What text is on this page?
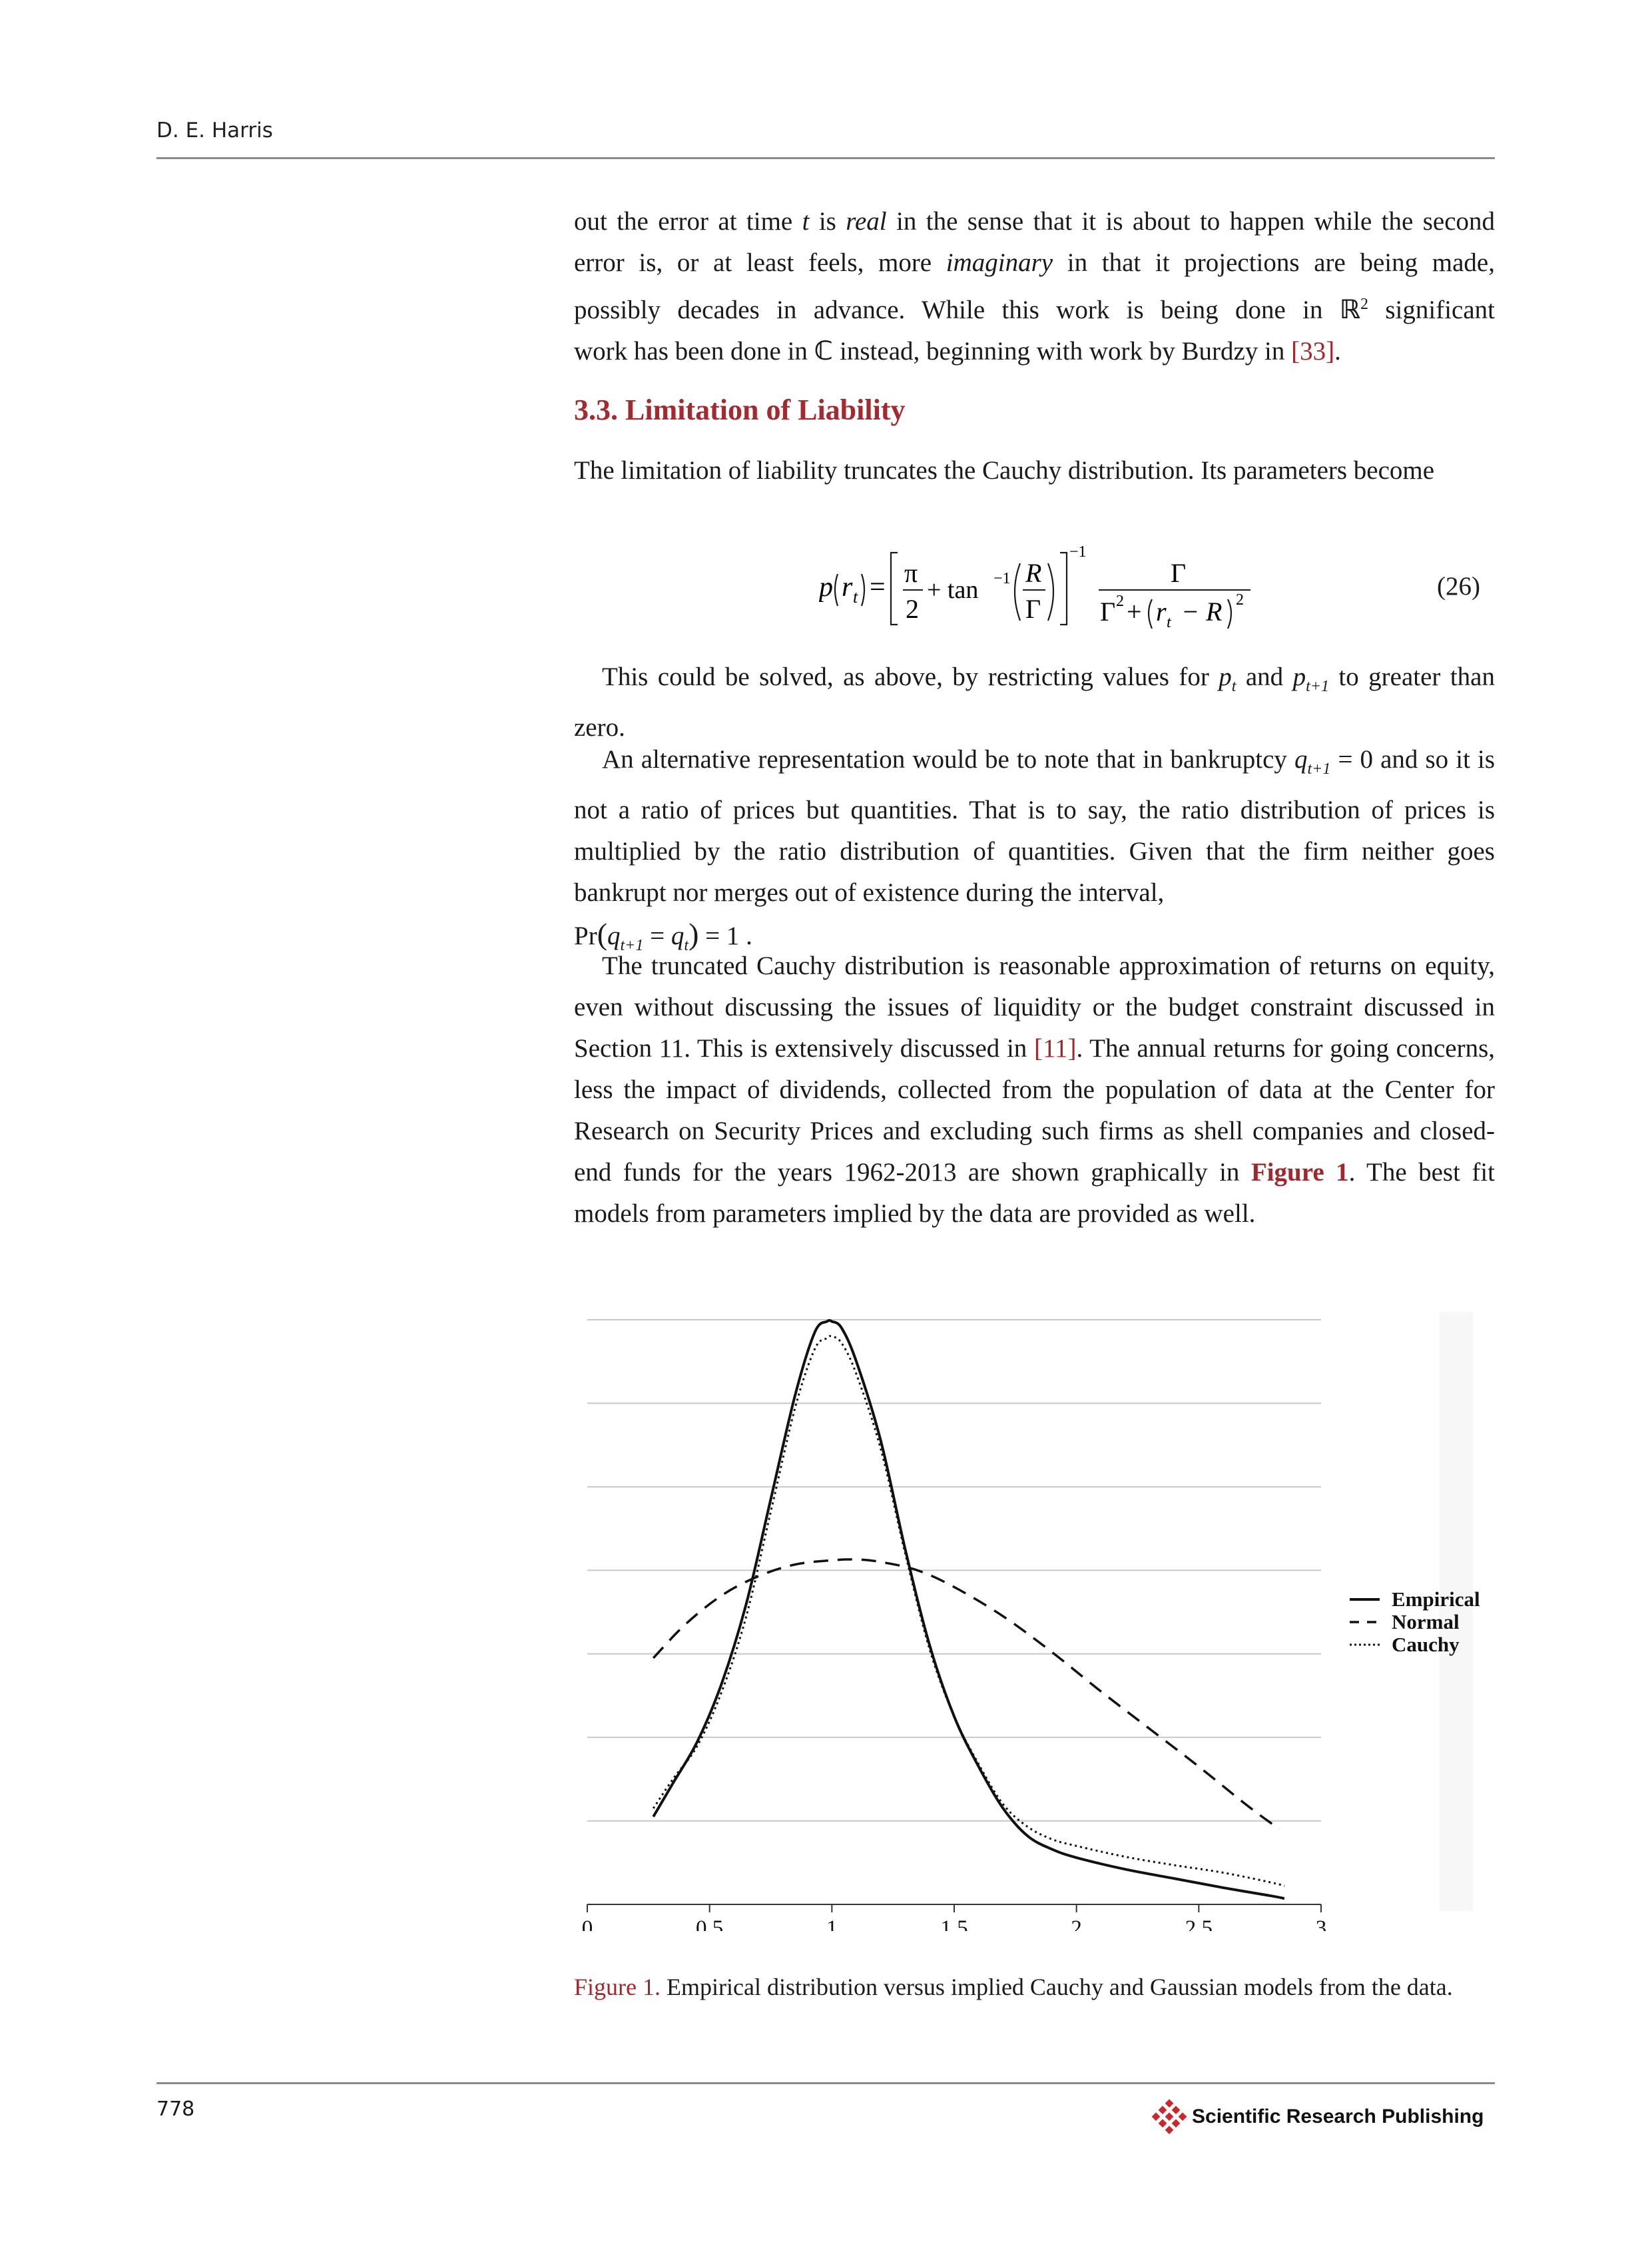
D. E. Harris
out the error at time t is real in the sense that it is about to happen while the second
error is, or at least feels, more imaginary in that it projections are being made,
possibly decades in advance. While this work is being done in ℝ$^2$ significant
work has been done in ℂ instead, beginning with work by Burdzy in [33].
3.3. Limitation of Liability
The limitation of liability truncates the Cauchy distribution. Its parameters become
p r t = π
2
+ tan −1 R
Γ
−1
Γ
Γ 2 + r t − R 2	(26)
This could be solved, as above, by restricting values for $p_t$ and $p_{t+1}$ to greater than zero.
An alternative representation would be to note that in bankruptcy $q_{t+1} = 0$ and so it is not a ratio of prices but quantities. That is to say, the ratio distribution of prices is multiplied by the ratio distribution of quantities. Given that the firm neither goes bankrupt nor merges out of existence during the interval,
$Pr(q_{t+1} = q_t) = 1$ .
The truncated Cauchy distribution is reasonable approximation of returns on equity, even without discussing the issues of liquidity or the budget constraint discussed in Section 11. This is extensively discussed in [11]. The annual returns for going concerns, less the impact of dividends, collected from the population of data at the Center for Research on Security Prices and excluding such firms as shell companies and closed-end funds for the years 1962-2013 are shown graphically in Figure 1. The best fit models from parameters implied by the data are provided as well.
0	0.5	1	1.5	2	2.5	3
Empirical
Normal
Cauchy
Figure 1. Empirical distribution versus implied Cauchy and Gaussian models from the data.
778	Scientific Research Publishing
